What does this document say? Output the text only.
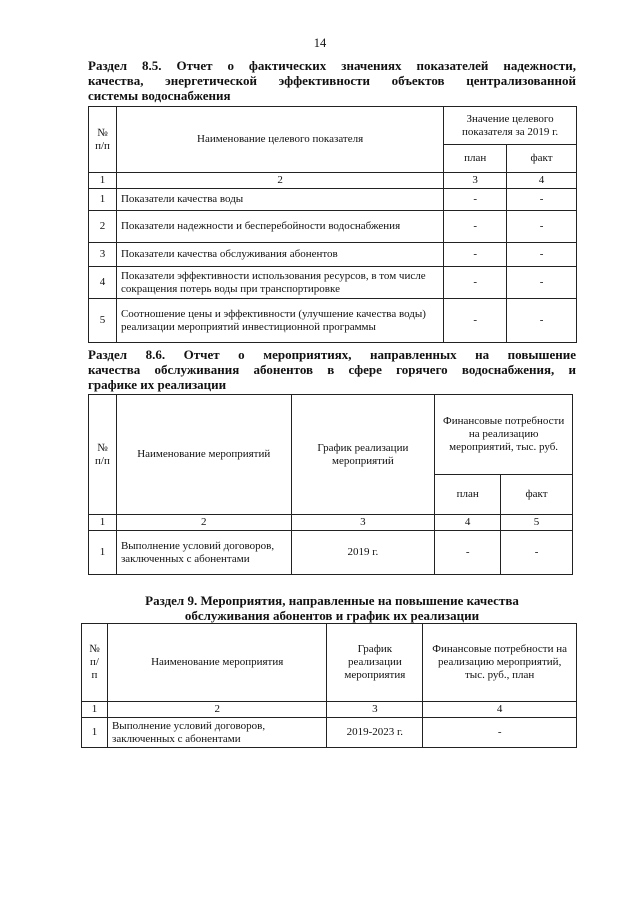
14
Раздел 8.5. Отчет о фактических значениях показателей надежности,
качества, энергетической эффективности объектов централизованной
системы водоснабжения
№ п/п	Наименование целевого показателя	Значение целевого показателя за 2019 г.	
		план	факт
1	2	3	4
1	Показатели качества воды	-	-
2	Показатели надежности и бесперебойности водоснабжения	-	-
3	Показатели качества обслуживания абонентов	-	-
4	Показатели эффективности использования ресурсов, в том числе сокращения потерь воды при транспортировке	-	-
5	Соотношение цены и эффективности (улучшение качества воды) реализации мероприятий инвестиционной программы	-	-
Раздел 8.6. Отчет о мероприятиях, направленных на повышение
качества обслуживания абонентов в сфере горячего водоснабжения, и
графике их реализации
№ п/п	Наименование мероприятий	График реализации мероприятий	Финансовые потребности на реализацию мероприятий, тыс. руб.	
			план	факт
1	2	3	4	5
1	Выполнение условий договоров, заключенных с абонентами	2019 г.	-	-
Раздел 9. Мероприятия, направленные на повышение качества
обслуживания абонентов и график их реализации
№ п/ п	Наименование мероприятия	График реализации мероприятия	Финансовые потребности на реализацию мероприятий, тыс. руб., план
1	2	3	4
1	Выполнение условий договоров, заключенных с абонентами	2019-2023 г.	-
